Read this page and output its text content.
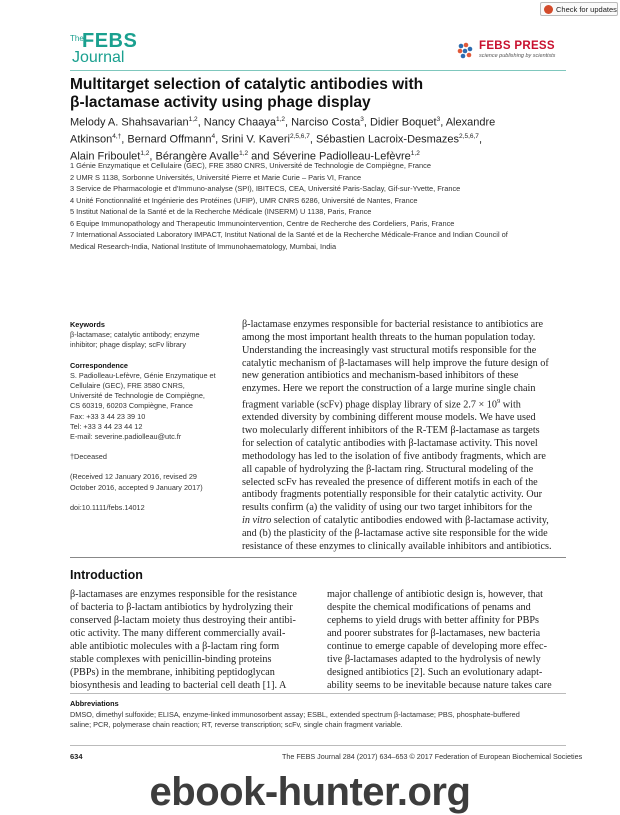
Check for updates
The
FEBS
Journal
FEBS PRESS
science publishing by scientists
Multitarget selection of catalytic antibodies with
β-lactamase activity using phage display
Melody A. Shahsavarian$^{1,2}$, Nancy Chaaya$^{1,2}$, Narciso Costa$^3$, Didier Boquet$^3$, Alexandre
Atkinson$^{4,\dagger}$, Bernard Offmann$^4$, Srini V. Kaveri$^{2,5,6,7}$, Sébastien Lacroix-Desmazes$^{2,5,6,7}$,
Alain Friboulet$^{1,2}$, Bérangère Avalle$^{1,2}$ and Séverine Padiolleau-Lefèvre$^{1,2}$
1 Génie Enzymatique et Cellulaire (GEC), FRE 3580 CNRS, Université de Technologie de Compiègne, France
2 UMR S 1138, Sorbonne Universités, Université Pierre et Marie Curie – Paris VI, France
3 Service de Pharmacologie et d'Immuno-analyse (SPI), IBITECS, CEA, Université Paris-Saclay, Gif-sur-Yvette, France
4 Unité Fonctionnalité et Ingénierie des Protéines (UFIP), UMR CNRS 6286, Université de Nantes, France
5 Institut National de la Santé et de la Recherche Médicale (INSERM) U 1138, Paris, France
6 Equipe Immunopathology and Therapeutic Immunointervention, Centre de Recherche des Cordeliers, Paris, France
7 International Associated Laboratory IMPACT, Institut National de la Santé et de la Recherche Médicale-France and Indian Council of
Medical Research-India, National Institute of Immunohaematology, Mumbai, India
Keywords
β-lactamase; catalytic antibody; enzyme
inhibitor; phage display; scFv library
Correspondence
S. Padiolleau-Lefèvre, Génie Enzymatique et
Cellulaire (GEC), FRE 3580 CNRS,
Université de Technologie de Compiègne,
CS 60319, 60203 Compiègne, France
Fax: +33 3 44 23 39 10
Tel: +33 3 44 23 44 12
E-mail: severine.padiolleau@utc.fr
†Deceased
(Received 12 January 2016, revised 29
October 2016, accepted 9 January 2017)
doi:10.1111/febs.14012
β-lactamase enzymes responsible for bacterial resistance to antibiotics are
among the most important health threats to the human population today.
Understanding the increasingly vast structural motifs responsible for the
catalytic mechanism of β-lactamases will help improve the future design of
new generation antibiotics and mechanism-based inhibitors of these
enzymes. Here we report the construction of a large murine single chain
fragment variable (scFv) phage display library of size $2.7 \times 10^9$ with
extended diversity by combining different mouse models. We have used
two molecularly different inhibitors of the R-TEM β-lactamase as targets
for selection of catalytic antibodies with β-lactamase activity. This novel
methodology has led to the isolation of five antibody fragments, which are
all capable of hydrolyzing the β-lactam ring. Structural modeling of the
selected scFv has revealed the presence of different motifs in each of the
antibody fragments potentially responsible for their catalytic activity. Our
results confirm (a) the validity of using our two target inhibitors for the
in vitro selection of catalytic antibodies endowed with β-lactamase activity,
and (b) the plasticity of the β-lactamase active site responsible for the wide
resistance of these enzymes to clinically available inhibitors and antibiotics.
Introduction
β-lactamases are enzymes responsible for the resistance
of bacteria to β-lactam antibiotics by hydrolyzing their
conserved β-lactam moiety thus destroying their antibi-
otic activity. The many different commercially avail-
able antibiotic molecules with a β-lactam ring form
stable complexes with penicillin-binding proteins
(PBPs) in the membrane, inhibiting peptidoglycan
biosynthesis and leading to bacterial cell death [1]. A
major challenge of antibiotic design is, however, that
despite the chemical modifications of penams and
cephems to yield drugs with better affinity for PBPs
and poorer substrates for β-lactamases, new bacteria
continue to emerge capable of developing more effec-
tive β-lactamases adapted to the hydrolysis of newly
designed antibiotics [2]. Such an evolutionary adapt-
ability seems to be inevitable because nature takes care
Abbreviations
DMSO, dimethyl sulfoxide; ELISA, enzyme-linked immunosorbent assay; ESBL, extended spectrum β-lactamase; PBS, phosphate-buffered
saline; PCR, polymerase chain reaction; RT, reverse transcription; scFv, single chain fragment variable.
634	The FEBS Journal 284 (2017) 634–653 © 2017 Federation of European Biochemical Societies
ebook-hunter.org
